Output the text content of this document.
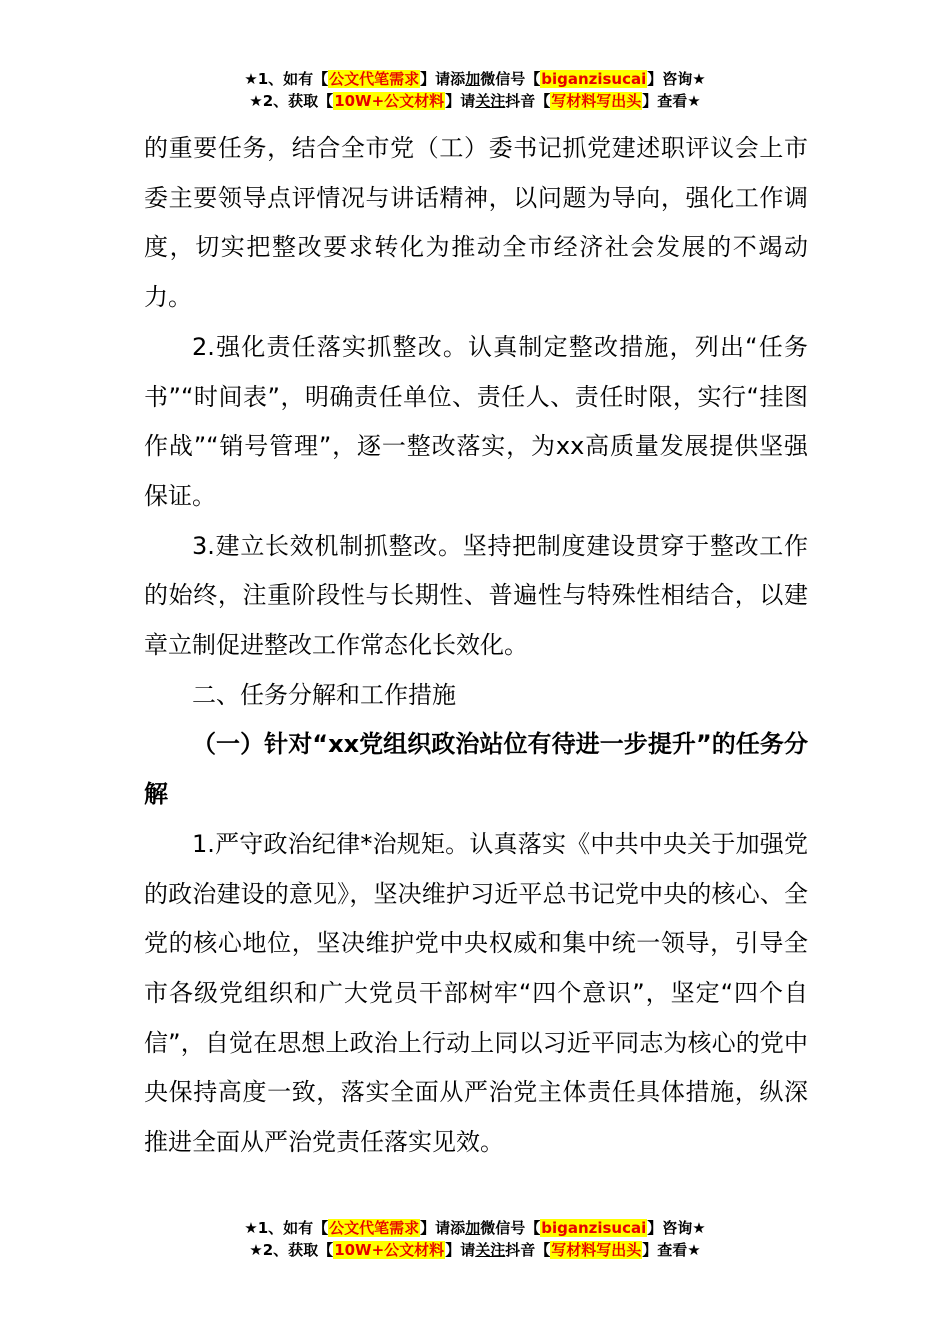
★1、如有【公文代笔需求】请添加微信号【biganzisucai】咨询★
★2、获取【10W+公文材料】请关注抖音【写材料写出头】查看★

的重要任务，结合全市党（工）委书记抓党建述职评议会上市委主要领导点评情况与讲话精神，以问题为导向，强化工作调度，切实把整改要求转化为推动全市经济社会发展的不竭动力。

2.强化责任落实抓整改。认真制定整改措施，列出“任务书”“时间表”，明确责任单位、责任人、责任时限，实行“挂图作战”“销号管理”，逐一整改落实，为xx高质量发展提供坚强保证。

3.建立长效机制抓整改。坚持把制度建设贯穿于整改工作的始终，注重阶段性与长期性、普遍性与特殊性相结合，以建章立制促进整改工作常态化长效化。

二、任务分解和工作措施

（一）针对“xx党组织政治站位有待进一步提升”的任务分解

1.严守政治纪律*治规矩。认真落实《中共中央关于加强党的政治建设的意见》，坚决维护习近平总书记党中央的核心、全党的核心地位，坚决维护党中央权威和集中统一领导，引导全市各级党组织和广大党员干部树牢“四个意识”，坚定“四个自信”，自觉在思想上政治上行动上同以习近平同志为核心的党中央保持高度一致，落实全面从严治党主体责任具体措施，纵深推进全面从严治党责任落实见效。

★1、如有【公文代笔需求】请添加微信号【biganzisucai】咨询★
★2、获取【10W+公文材料】请关注抖音【写材料写出头】查看★
